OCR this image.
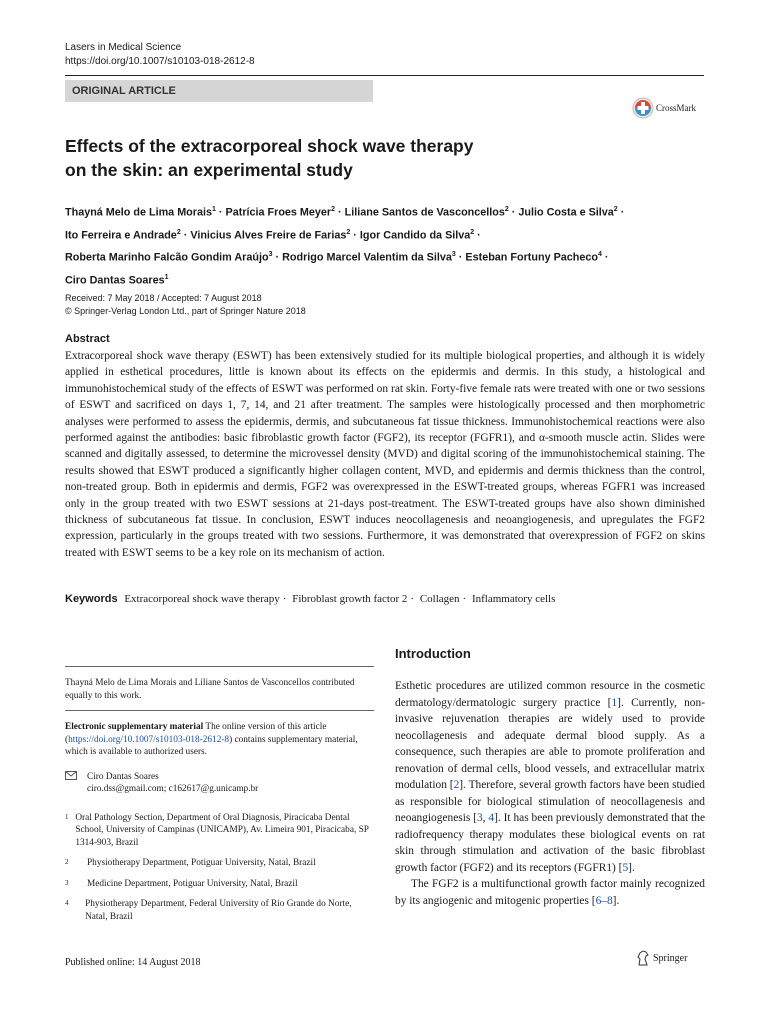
Lasers in Medical Science
https://doi.org/10.1007/s10103-018-2612-8
ORIGINAL ARTICLE
CrossMark
Effects of the extracorporeal shock wave therapy
on the skin: an experimental study

Thayná Melo de Lima Morais$^1$ · Patrícia Froes Meyer$^2$ · Liliane Santos de Vasconcellos$^2$ · Julio Costa e Silva$^2$ ·
Ito Ferreira e Andrade$^2$ · Vinicius Alves Freire de Farias$^2$ · Igor Candido da Silva$^2$ ·
Roberta Marinho Falcão Gondim Araújo$^3$ · Rodrigo Marcel Valentim da Silva$^3$ · Esteban Fortuny Pacheco$^4$ ·
Ciro Dantas Soares$^1$

Received: 7 May 2018 / Accepted: 7 August 2018
© Springer-Verlag London Ltd., part of Springer Nature 2018
Abstract

Extracorporeal shock wave therapy (ESWT) has been extensively studied for its multiple biological properties, and although it is widely applied in esthetical procedures, little is known about its effects on the epidermis and dermis. In this study, a histological and immunohistochemical study of the effects of ESWT was performed on rat skin. Forty-five female rats were treated with one or two sessions of ESWT and sacrificed on days 1, 7, 14, and 21 after treatment. The samples were histologically processed and then morphometric analyses were performed to assess the epidermis, dermis, and subcutaneous fat tissue thickness. Immunohistochemical reactions were also performed against the antibodies: basic fibroblastic growth factor (FGF2), its receptor (FGFR1), and α-smooth muscle actin. Slides were scanned and digitally assessed, to determine the microvessel density (MVD) and digital scoring of the immunohistochemical staining. The results showed that ESWT produced a significantly higher collagen content, MVD, and epidermis and dermis thickness than the control, non-treated group. Both in epidermis and dermis, FGF2 was overexpressed in the ESWT-treated groups, whereas FGFR1 was increased only in the group treated with two ESWT sessions at 21-days post-treatment. The ESWT-treated groups have also shown diminished thickness of subcutaneous fat tissue. In conclusion, ESWT induces neocollagenesis and neoangiogenesis, and upregulates the FGF2 expression, particularly in the groups treated with two sessions. Furthermore, it was demonstrated that overexpression of FGF2 on skins treated with ESWT seems to be a key role on its mechanism of action.

Keywords Extracorporeal shock wave therapy · Fibroblast growth factor 2 · Collagen · Inflammatory cells

Thayná Melo de Lima Morais and Liliane Santos de Vasconcellos contributed equally to this work.

Electronic supplementary material The online version of this article (https://doi.org/10.1007/s10103-018-2612-8) contains supplementary material, which is available to authorized users.

Ciro Dantas Soares
ciro.dss@gmail.com; c162617@g.unicamp.br
1 Oral Pathology Section, Department of Oral Diagnosis, Piracicaba Dental School, University of Campinas (UNICAMP), Av. Limeira 901, Piracicaba, SP 1314-903, Brazil
2	Physiotherapy Department, Potiguar University, Natal, Brazil
3	Medicine Department, Potiguar University, Natal, Brazil
4	Physiotherapy Department, Federal University of Rio Grande do Norte, Natal, Brazil
Introduction

Esthetic procedures are utilized common resource in the cosmetic dermatology/dermatologic surgery practice [1]. Currently, non-invasive rejuvenation therapies are widely used to provide neocollagenesis and adequate dermal blood supply. As a consequence, such therapies are able to promote proliferation and renovation of dermal cells, blood vessels, and extracellular matrix modulation [2]. Therefore, several growth factors have been studied as responsible for biological stimulation of neocollagenesis and neoangiogenesis [3, 4]. It has been previously demonstrated that the radiofrequency therapy modulates these biological events on rat skin through stimulation and activation of the basic fibroblast growth factor (FGF2) and its receptors (FGFR1) [5].

The FGF2 is a multifunctional growth factor mainly recognized by its angiogenic and mitogenic properties [6–8].

Published online: 14 August 2018	Springer
